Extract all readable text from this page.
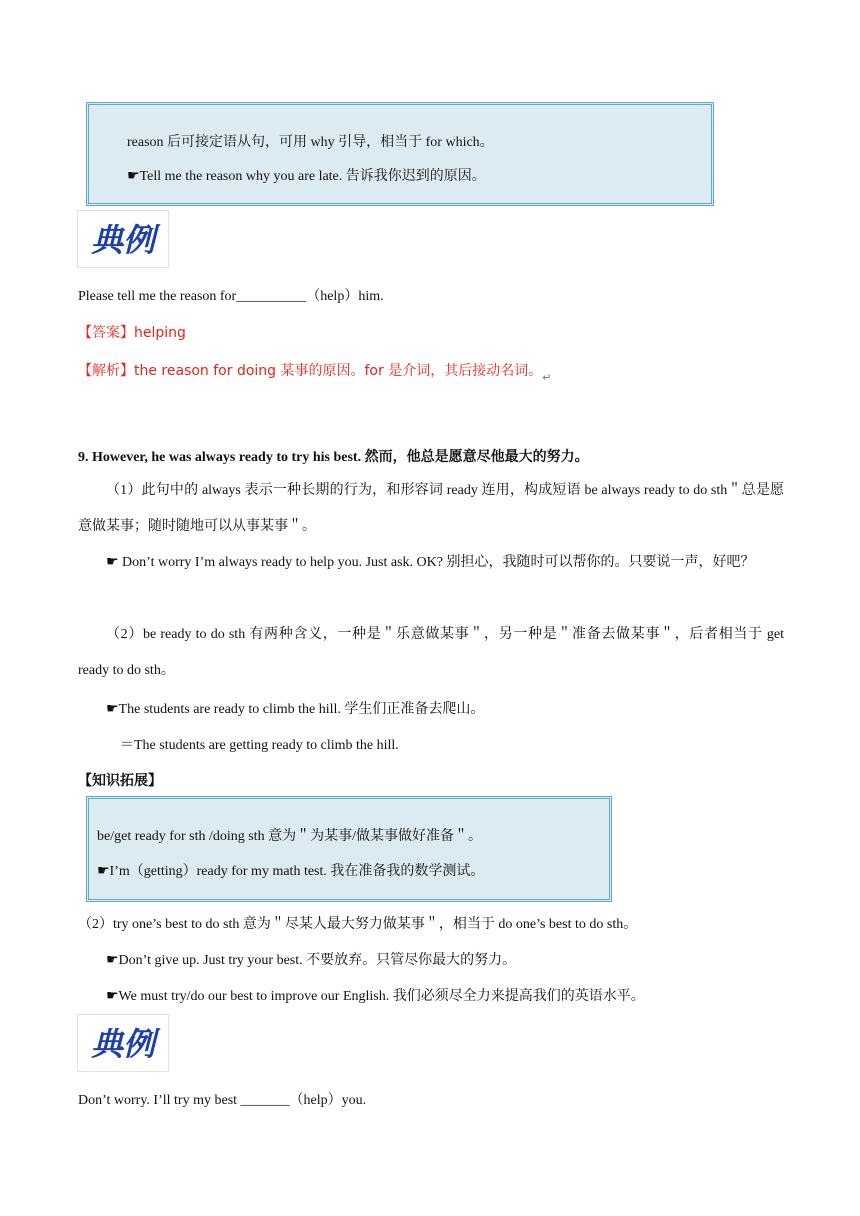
reason 后可接定语从句，可用 why 引导，相当于 for which。
☛Tell me the reason why you are late. 告诉我你迟到的原因。
典例
Please tell me the reason for__________（help）him.
【答案】helping
【解析】the reason for doing 某事的原因。for 是介词，其后接动名词。$_↵$
9. However, he was always ready to try his best. 然而，他总是愿意尽他最大的努力。
（1）此句中的 always 表示一种长期的行为，和形容词 ready 连用，构成短语 be always ready to do sth＂总是愿意做某事；随时随地可以从事某事＂。
☛ Don’t worry I’m always ready to help you. Just ask. OK? 别担心，我随时可以帮你的。只要说一声，好吧？
（2）be ready to do sth 有两种含义，一种是＂乐意做某事＂，另一种是＂准备去做某事＂，后者相当于 get ready to do sth。
☛The students are ready to climb the hill. 学生们正准备去爬山。
＝The students are getting ready to climb the hill.
【知识拓展】
be/get ready for sth /doing sth 意为＂为某事/做某事做好准备＂。
☛I’m（getting）ready for my math test. 我在准备我的数学测试。
（2）try one’s best to do sth 意为＂尽某人最大努力做某事＂，相当于 do one’s best to do sth。
☛Don’t give up. Just try your best. 不要放弃。只管尽你最大的努力。
☛We must try/do our best to improve our English. 我们必须尽全力来提高我们的英语水平。
典例
Don’t worry. I’ll try my best _______（help）you.
